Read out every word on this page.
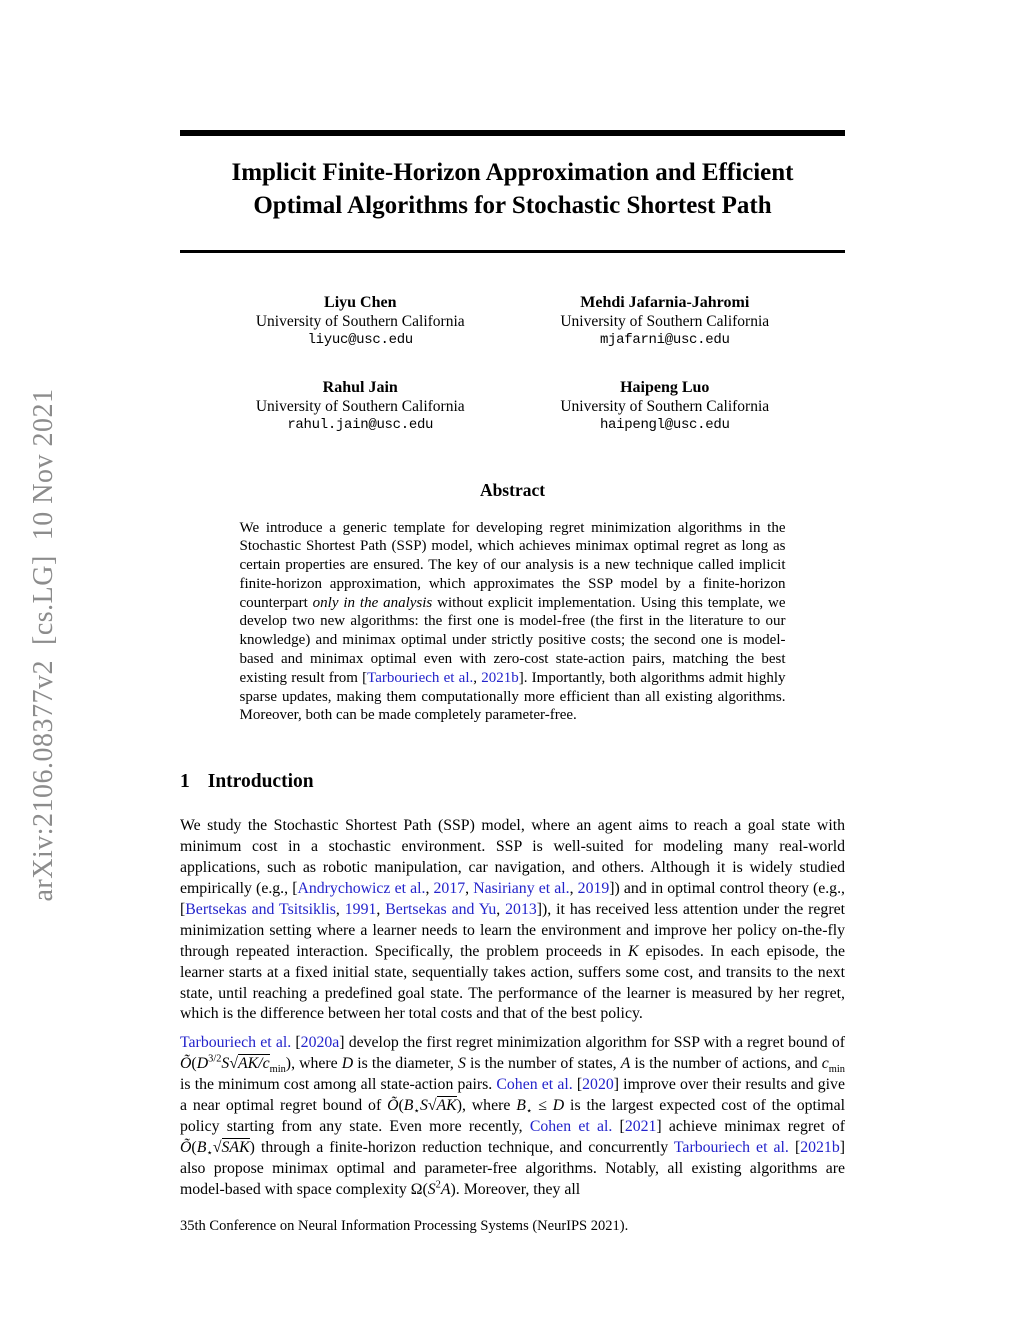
arXiv:2106.08377v2  [cs.LG]  10 Nov 2021
Implicit Finite-Horizon Approximation and Efficient
Optimal Algorithms for Stochastic Shortest Path
Liyu Chen
University of Southern California
liyuc@usc.edu
Mehdi Jafarnia-Jahromi
University of Southern California
mjafarni@usc.edu
Rahul Jain
University of Southern California
rahul.jain@usc.edu
Haipeng Luo
University of Southern California
haipengl@usc.edu
Abstract
We introduce a generic template for developing regret minimization algorithms in the Stochastic Shortest Path (SSP) model, which achieves minimax optimal regret as long as certain properties are ensured. The key of our analysis is a new technique called implicit finite-horizon approximation, which approximates the SSP model by a finite-horizon counterpart only in the analysis without explicit implementation. Using this template, we develop two new algorithms: the first one is model-free (the first in the literature to our knowledge) and minimax optimal under strictly positive costs; the second one is model-based and minimax optimal even with zero-cost state-action pairs, matching the best existing result from [Tarbouriech et al., 2021b]. Importantly, both algorithms admit highly sparse updates, making them computationally more efficient than all existing algorithms. Moreover, both can be made completely parameter-free.
1 Introduction
We study the Stochastic Shortest Path (SSP) model, where an agent aims to reach a goal state with minimum cost in a stochastic environment. SSP is well-suited for modeling many real-world applications, such as robotic manipulation, car navigation, and others. Although it is widely studied empirically (e.g., [Andrychowicz et al., 2017, Nasiriany et al., 2019]) and in optimal control theory (e.g., [Bertsekas and Tsitsiklis, 1991, Bertsekas and Yu, 2013]), it has received less attention under the regret minimization setting where a learner needs to learn the environment and improve her policy on-the-fly through repeated interaction. Specifically, the problem proceeds in K episodes. In each episode, the learner starts at a fixed initial state, sequentially takes action, suffers some cost, and transits to the next state, until reaching a predefined goal state. The performance of the learner is measured by her regret, which is the difference between her total costs and that of the best policy.
Tarbouriech et al. [2020a] develop the first regret minimization algorithm for SSP with a regret bound of $Õ(D^{3/2}S√AK/c_{min})$, where D is the diameter, S is the number of states, A is the number of actions, and $c_{min}$ is the minimum cost among all state-action pairs. Cohen et al. [2020] improve over their results and give a near optimal regret bound of $Õ(B_⋆S√AK)$, where $B_⋆ \le D$ is the largest expected cost of the optimal policy starting from any state. Even more recently, Cohen et al. [2021] achieve minimax regret of $Õ(B_⋆√SAK)$ through a finite-horizon reduction technique, and concurrently Tarbouriech et al. [2021b] also propose minimax optimal and parameter-free algorithms. Notably, all existing algorithms are model-based with space complexity $\Omega(S^2A)$. Moreover, they all
35th Conference on Neural Information Processing Systems (NeurIPS 2021).
